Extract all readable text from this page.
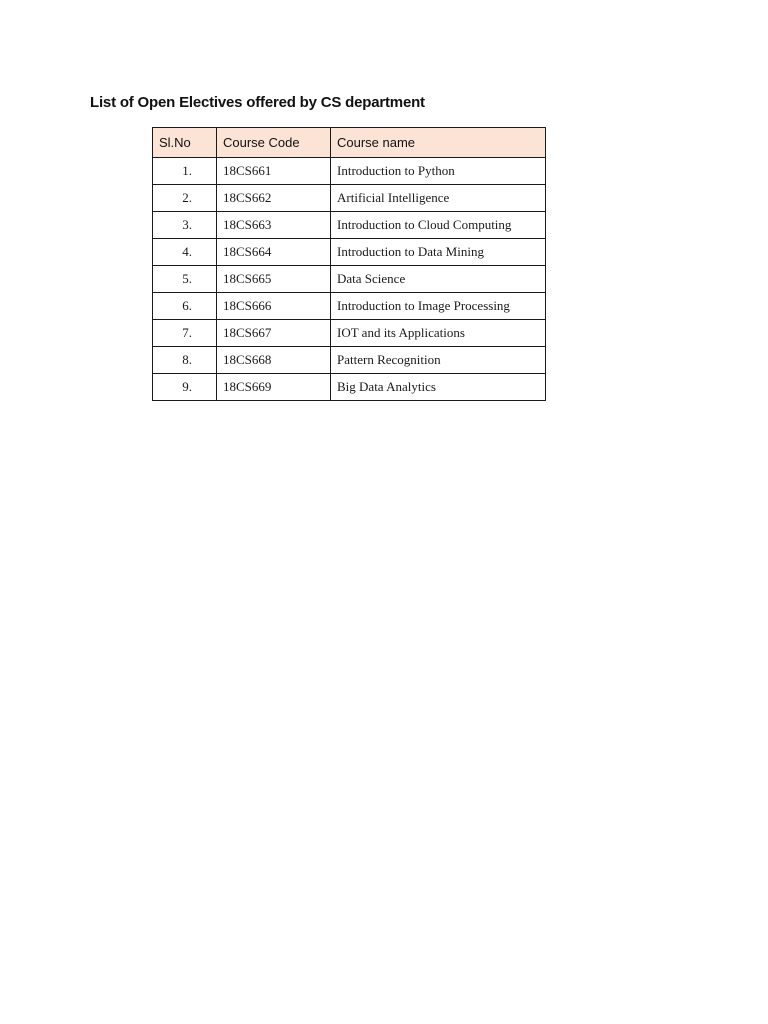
List of Open Electives offered by CS department
Sl.No	Course Code	Course name
1.	18CS661	Introduction to Python
2.	18CS662	Artificial Intelligence
3.	18CS663	Introduction to Cloud Computing
4.	18CS664	Introduction to Data Mining
5.	18CS665	Data Science
6.	18CS666	Introduction to Image Processing
7.	18CS667	IOT and its Applications
8.	18CS668	Pattern Recognition
9.	18CS669	Big Data Analytics
